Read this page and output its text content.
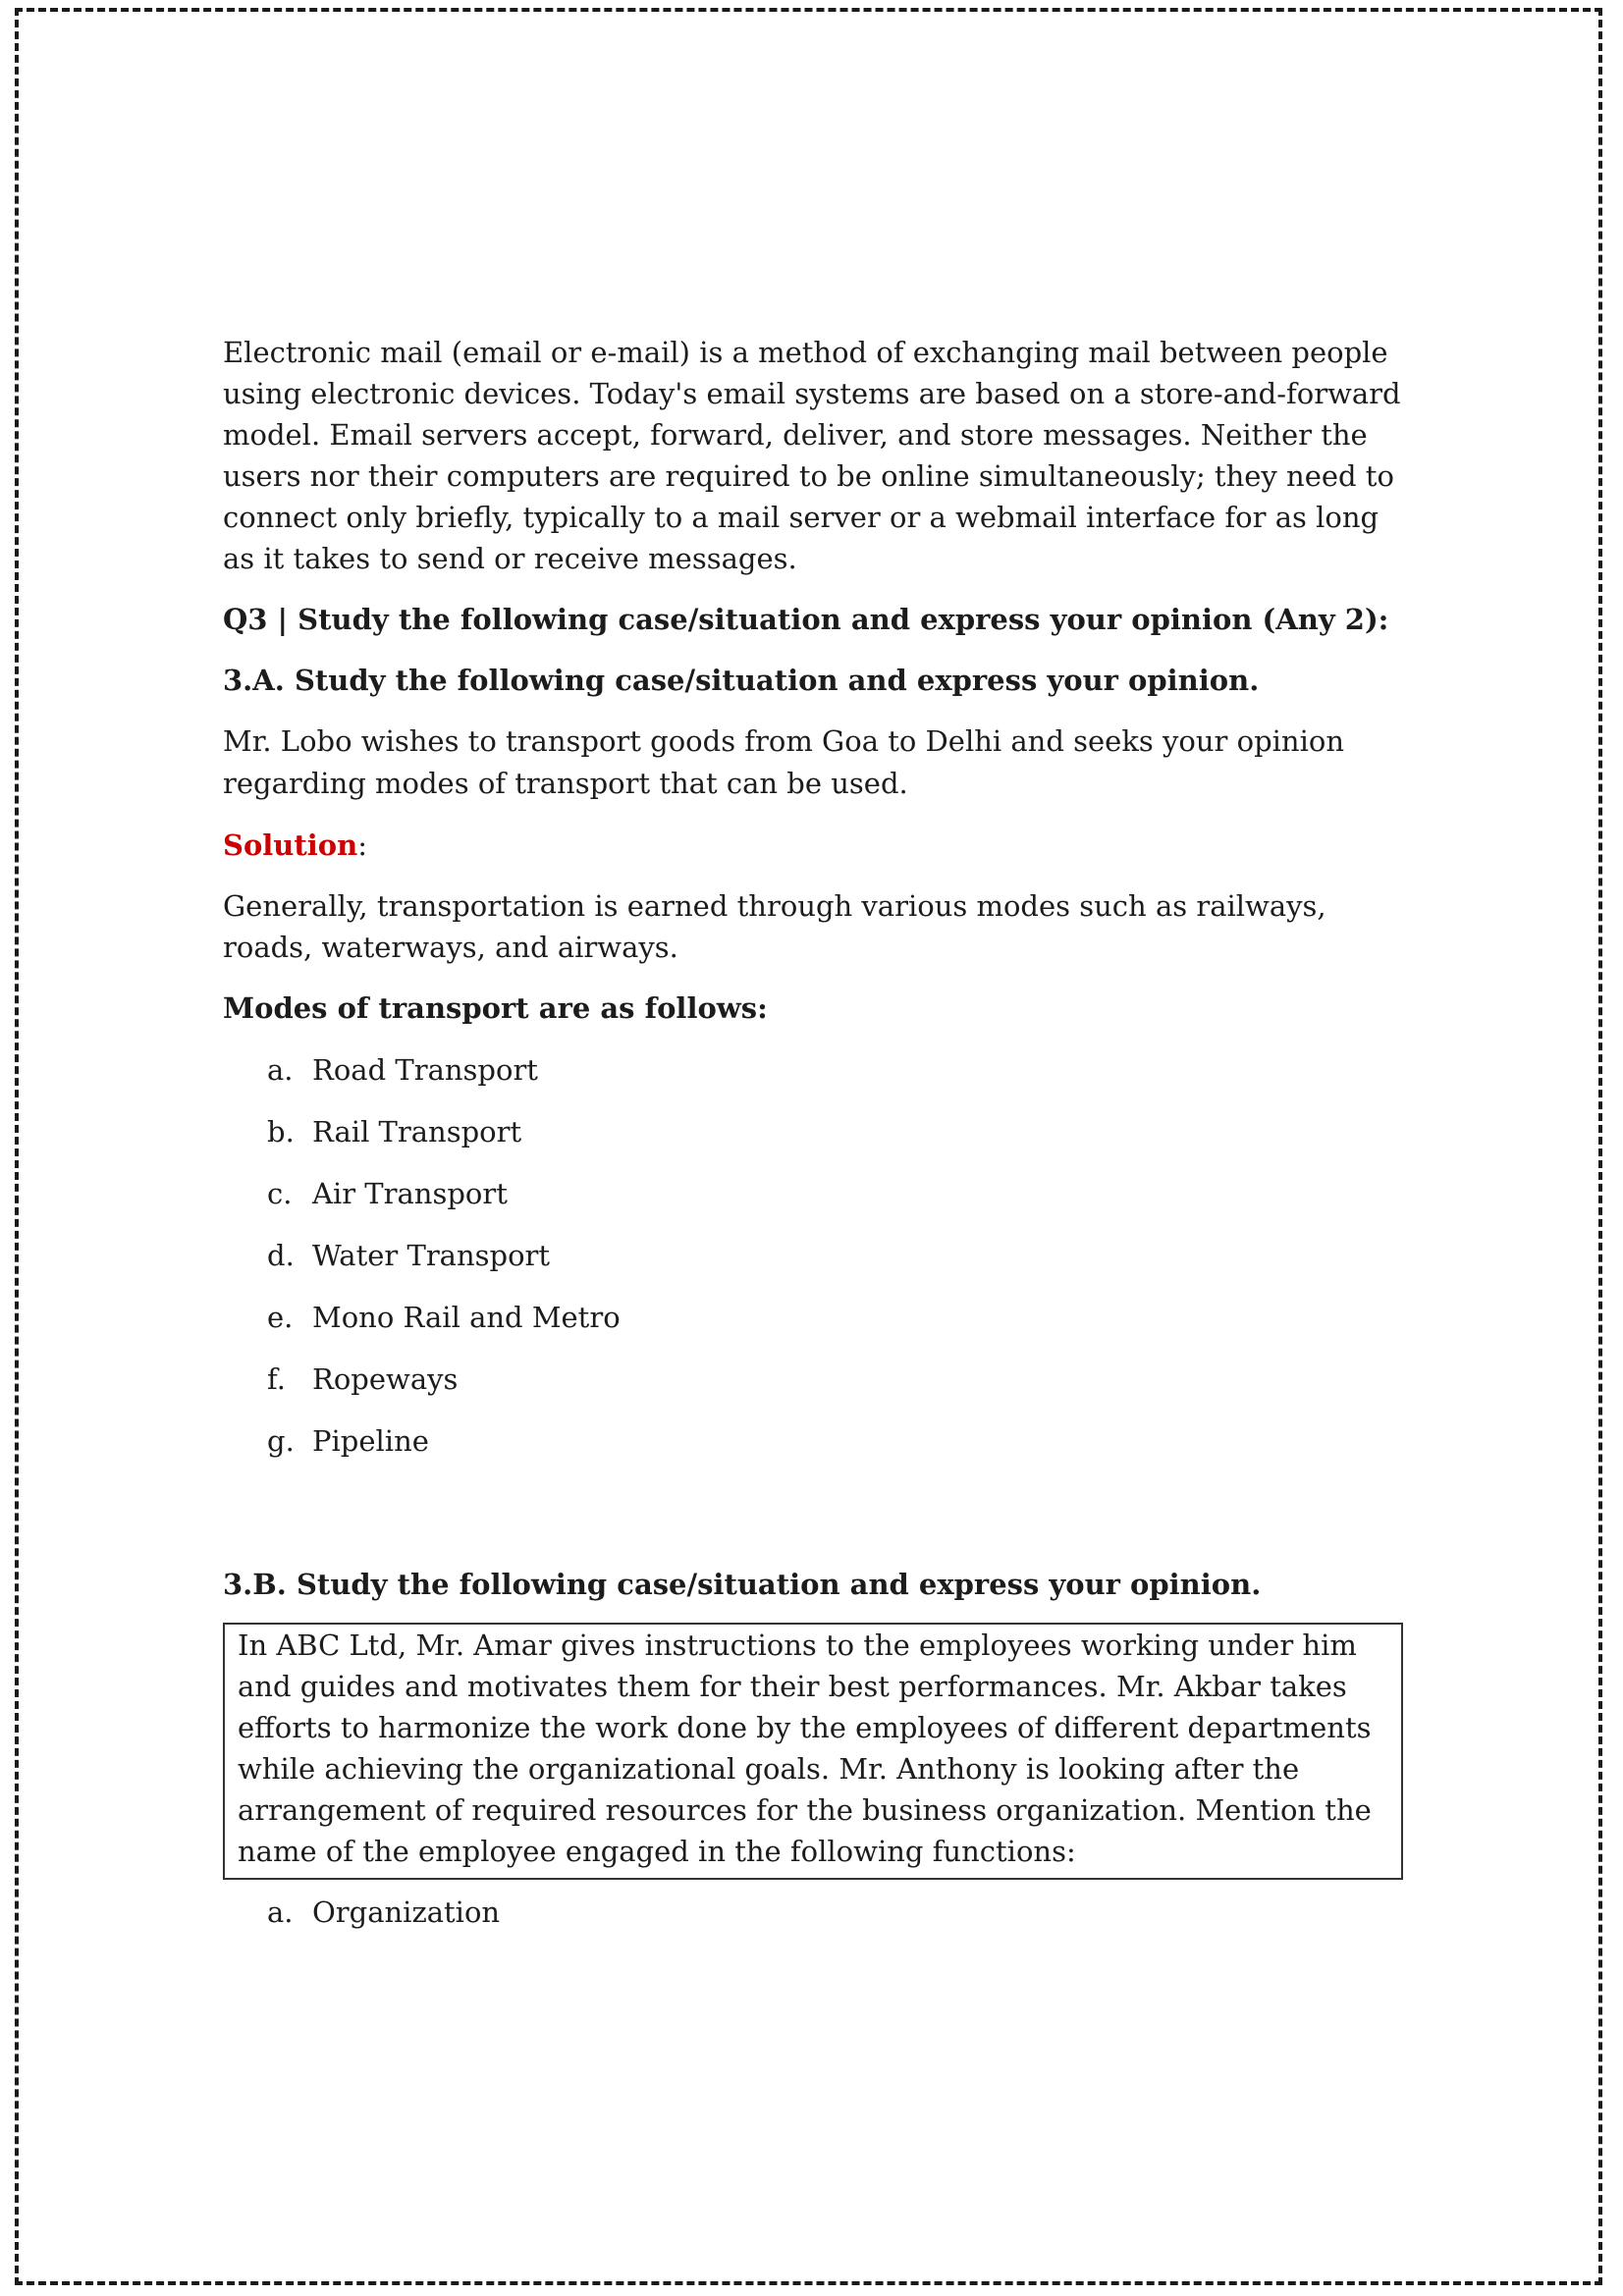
Electronic mail (email or e-mail) is a method of exchanging mail between people using electronic devices. Today's email systems are based on a store-and-forward model. Email servers accept, forward, deliver, and store messages. Neither the users nor their computers are required to be online simultaneously; they need to connect only briefly, typically to a mail server or a webmail interface for as long as it takes to send or receive messages.

Q3 | Study the following case/situation and express your opinion (Any 2):

3.A. Study the following case/situation and express your opinion.

Mr. Lobo wishes to transport goods from Goa to Delhi and seeks your opinion regarding modes of transport that can be used.

Solution:

Generally, transportation is earned through various modes such as railways, roads, waterways, and airways.

Modes of transport are as follows:

a. Road Transport
b. Rail Transport
c. Air Transport
d. Water Transport
e. Mono Rail and Metro
f. Ropeways
g. Pipeline

3.B. Study the following case/situation and express your opinion.

In ABC Ltd, Mr. Amar gives instructions to the employees working under him and guides and motivates them for their best performances. Mr. Akbar takes efforts to harmonize the work done by the employees of different departments while achieving the organizational goals. Mr. Anthony is looking after the arrangement of required resources for the business organization. Mention the name of the employee engaged in the following functions:

a. Organization
